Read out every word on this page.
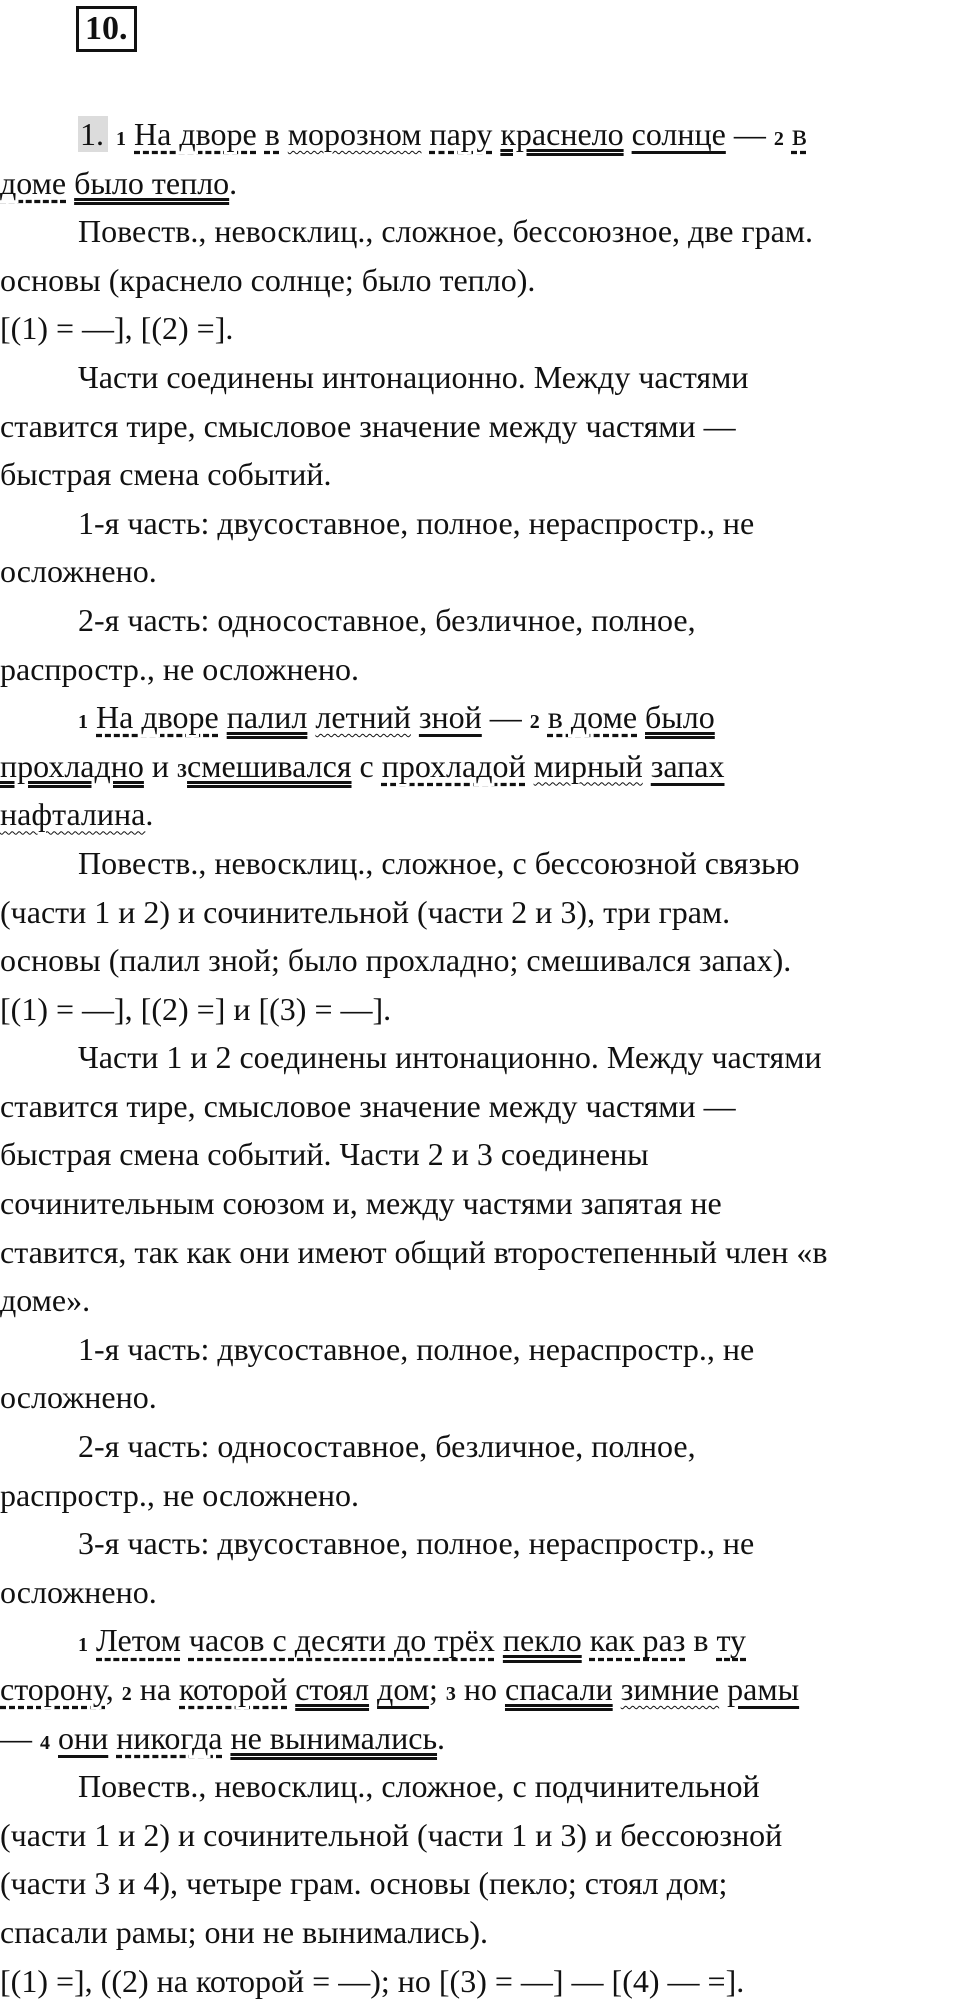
10.
1. 1 На дворе в морозном пару краснело солнце — 2 в
доме было тепло.
Повеств., невосклиц., сложное, бессоюзное, две грам.
основы (краснело солнце; было тепло).
[(1) = —], [(2) =].
Части соединены интонационно. Между частями
ставится тире, смысловое значение между частями —
быстрая смена событий.
1-я часть: двусоставное, полное, нераспростр., не
осложнено.
2-я часть: односоставное, безличное, полное,
распростр., не осложнено.
1 На дворе палил летний зной — 2 в доме было
прохладно и 3смешивался с прохладой мирный запах
нафталина.
Повеств., невосклиц., сложное, с бессоюзной связью
(части 1 и 2) и сочинительной (части 2 и 3), три грам.
основы (палил зной; было прохладно; смешивался запах).
[(1) = —], [(2) =] и [(3) = —].
Части 1 и 2 соединены интонационно. Между частями
ставится тире, смысловое значение между частями —
быстрая смена событий. Части 2 и 3 соединены
сочинительным союзом и, между частями запятая не
ставится, так как они имеют общий второстепенный член «в
доме».
1-я часть: двусоставное, полное, нераспростр., не
осложнено.
2-я часть: односоставное, безличное, полное,
распростр., не осложнено.
3-я часть: двусоставное, полное, нераспростр., не
осложнено.
1 Летом часов с десяти до трёх пекло как раз в ту
сторону, 2 на которой стоял дом; 3 но спасали зимние рамы
— 4 они никогда не вынимались.
Повеств., невосклиц., сложное, с подчинительной
(части 1 и 2) и сочинительной (части 1 и 3) и бессоюзной
(части 3 и 4), четыре грам. основы (пекло; стоял дом;
спасали рамы; они не вынимались).
[(1) =], ((2) на которой = —); но [(3) = —] — [(4) — =].
